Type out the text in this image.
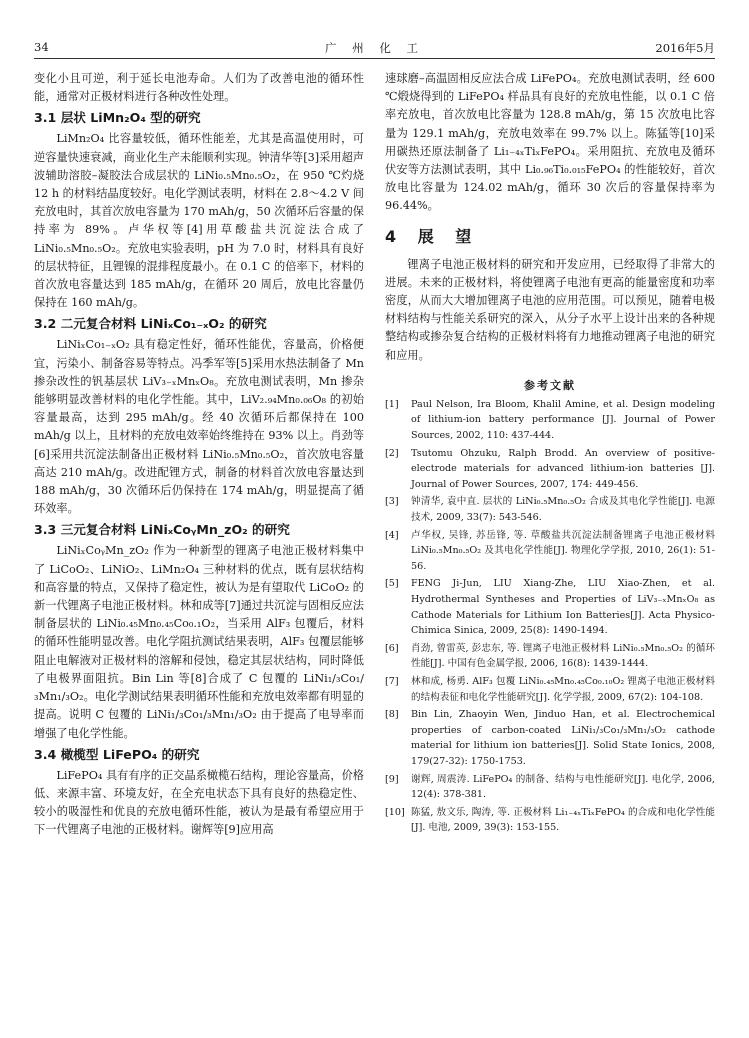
34	广 州 化 工	2016年5月

变化小且可逆，利于延长电池寿命。人们为了改善电池的循环性能，通常对正极材料进行各种改性处理。

3.1 层状 LiMn₂O₄ 型的研究

LiMn₂O₄ 比容量较低，循环性能差，尤其是高温使用时，可逆容量快速衰减，商业化生产未能顺利实现。钟清华等[3]采用超声波辅助溶胶–凝胶法合成层状的 LiNi₀.₅Mn₀.₅O₂，在 950 ℃灼烧 12 h 的材料结晶度较好。电化学测试表明，材料在 2.8～4.2 V 间充放电时，其首次放电容量为 170 mAh/g，50 次循环后容量的保持率为 89%。卢华权等[4]用草酸盐共沉淀法合成了 LiNi₀.₅Mn₀.₅O₂。充放电实验表明，pH 为 7.0 时，材料具有良好的层状特征，且锂镍的混排程度最小。在 0.1 C 的倍率下，材料的首次放电容量达到 185 mAh/g，在循环 20 周后，放电比容量仍保持在 160 mAh/g。

3.2 二元复合材料 LiNiₓCo₁₋ₓO₂ 的研究

LiNiₓCo₁₋ₓO₂ 具有稳定性好，循环性能优，容量高，价格便宜，污染小、制备容易等特点。冯季军等[5]采用水热法制备了 Mn 掺杂改性的钒基层状 LiV₃₋ₓMnₓO₈。充放电测试表明，Mn 掺杂能够明显改善材料的电化学性能。其中，LiV₂.₉₄Mn₀.₀₆O₈ 的初始容量最高，达到 295 mAh/g。经 40 次循环后都保持在 100 mAh/g 以上，且材料的充放电效率始终维持在 93% 以上。肖劲等[6]采用共沉淀法制备出正极材料 LiNi₀.₅Mn₀.₅O₂，首次放电容量高达 210 mAh/g。改进配锂方式，制备的材料首次放电容量达到 188 mAh/g，30 次循环后仍保持在 174 mAh/g，明显提高了循环效率。

3.3 三元复合材料 LiNiₓCoᵧMn_zO₂ 的研究

LiNiₓCoᵧMn_zO₂ 作为一种新型的锂离子电池正极材料集中了 LiCoO₂、LiNiO₂、LiMn₂O₄ 三种材料的优点，既有层状结构和高容量的特点，又保持了稳定性，被认为是有望取代 LiCoO₂ 的新一代锂离子电池正极材料。林和成等[7]通过共沉淀与固相反应法制备层状的 LiNi₀.₄₅Mn₀.₄₅Co₀.₁O₂，当采用 AlF₃ 包覆后，材料的循环性能明显改善。电化学阻抗测试结果表明，AlF₃ 包覆层能够阻止电解液对正极材料的溶解和侵蚀，稳定其层状结构，同时降低了电极界面阻抗。Bin Lin 等[8]合成了 C 包覆的 LiNi₁/₃Co₁/₃Mn₁/₃O₂。电化学测试结果表明循环性能和充放电效率都有明显的提高。说明 C 包覆的 LiNi₁/₃Co₁/₃Mn₁/₃O₂ 由于提高了电导率而增强了电化学性能。

3.4 橄榄型 LiFePO₄ 的研究

LiFePO₄ 具有有序的正交晶系橄榄石结构，理论容量高，价格低、来源丰富、环境友好，在全充电状态下具有良好的热稳定性、较小的吸湿性和优良的充放电循环性能，被认为是最有希望应用于下一代锂离子电池的正极材料。谢辉等[9]应用高

速球磨–高温固相反应法合成 LiFePO₄。充放电测试表明，经 600 ℃煅烧得到的 LiFePO₄ 样品具有良好的充放电性能，以 0.1 C 倍率充放电，首次放电比容量为 128.8 mAh/g，第 15 次放电比容量为 129.1 mAh/g，充放电效率在 99.7% 以上。陈猛等[10]采用碳热还原法制备了 Li₁₋₄ₓTiₓFePO₄。采用阻抗、充放电及循环伏安等方法测试表明，其中 Li₀.₉₆Ti₀.₀₁₅FePO₄ 的性能较好，首次放电比容量为 124.02 mAh/g，循环 30 次后的容量保持率为 96.44%。

4 展 望

锂离子电池正极材料的研究和开发应用，已经取得了非常大的进展。未来的正极材料，将使锂离子电池有更高的能量密度和功率密度，从而大大增加锂离子电池的应用范围。可以预见，随着电极材料结构与性能关系研究的深入，从分子水平上设计出来的各种规整结构或掺杂复合结构的正极材料将有力地推动锂离子电池的研究和应用。

参考文献
[1] Paul Nelson, Ira Bloom, Khalil Amine, et al. Design modeling of lithium-ion battery performance [J]. Journal of Power Sources, 2002, 110: 437-444.
[2] Tsutomu Ohzuku, Ralph Brodd. An overview of positive-electrode materials for advanced lithium-ion batteries [J]. Journal of Power Sources, 2007, 174: 449-456.
[3] 钟清华, 袁中直. 层状的 LiNi₀.₅Mn₀.₅O₂ 合成及其电化学性能[J]. 电源技术, 2009, 33(7): 543-546.
[4] 卢华权, 吴锋, 苏岳锋, 等. 草酸盐共沉淀法制备锂离子电池正极材料 LiNi₀.₅Mn₀.₅O₂ 及其电化学性能[J]. 物理化学学报, 2010, 26(1): 51-56.
[5] FENG Ji-Jun, LIU Xiang-Zhe, LIU Xiao-Zhen, et al. Hydrothermal Syntheses and Properties of LiV₃₋ₓMnₓO₈ as Cathode Materials for Lithium Ion Batteries[J]. Acta Physico-Chimica Sinica, 2009, 25(8): 1490-1494.
[6] 肖劲, 曾雷英, 彭忠东, 等. 锂离子电池正极材料 LiNi₀.₅Mn₀.₅O₂ 的循环性能[J]. 中国有色金属学报, 2006, 16(8): 1439-1444.
[7] 林和成, 杨勇. AlF₃ 包覆 LiNi₀.₄₅Mn₀.₄₅Co₀.₁₀O₂ 锂离子电池正极材料的结构表征和电化学性能研究[J]. 化学学报, 2009, 67(2): 104-108.
[8] Bin Lin, Zhaoyin Wen, Jinduo Han, et al. Electrochemical properties of carbon-coated LiNi₁/₃Co₁/₃Mn₁/₃O₂ cathode material for lithium ion batteries[J]. Solid State Ionics, 2008, 179(27-32): 1750-1753.
[9] 谢辉, 周震涛. LiFePO₄ 的制备、结构与电性能研究[J]. 电化学, 2006, 12(4): 378-381.
[10] 陈猛, 敖文乐, 陶涛, 等. 正极材料 Li₁₋₄ₓTiₓFePO₄ 的合成和电化学性能[J]. 电池, 2009, 39(3): 153-155.
